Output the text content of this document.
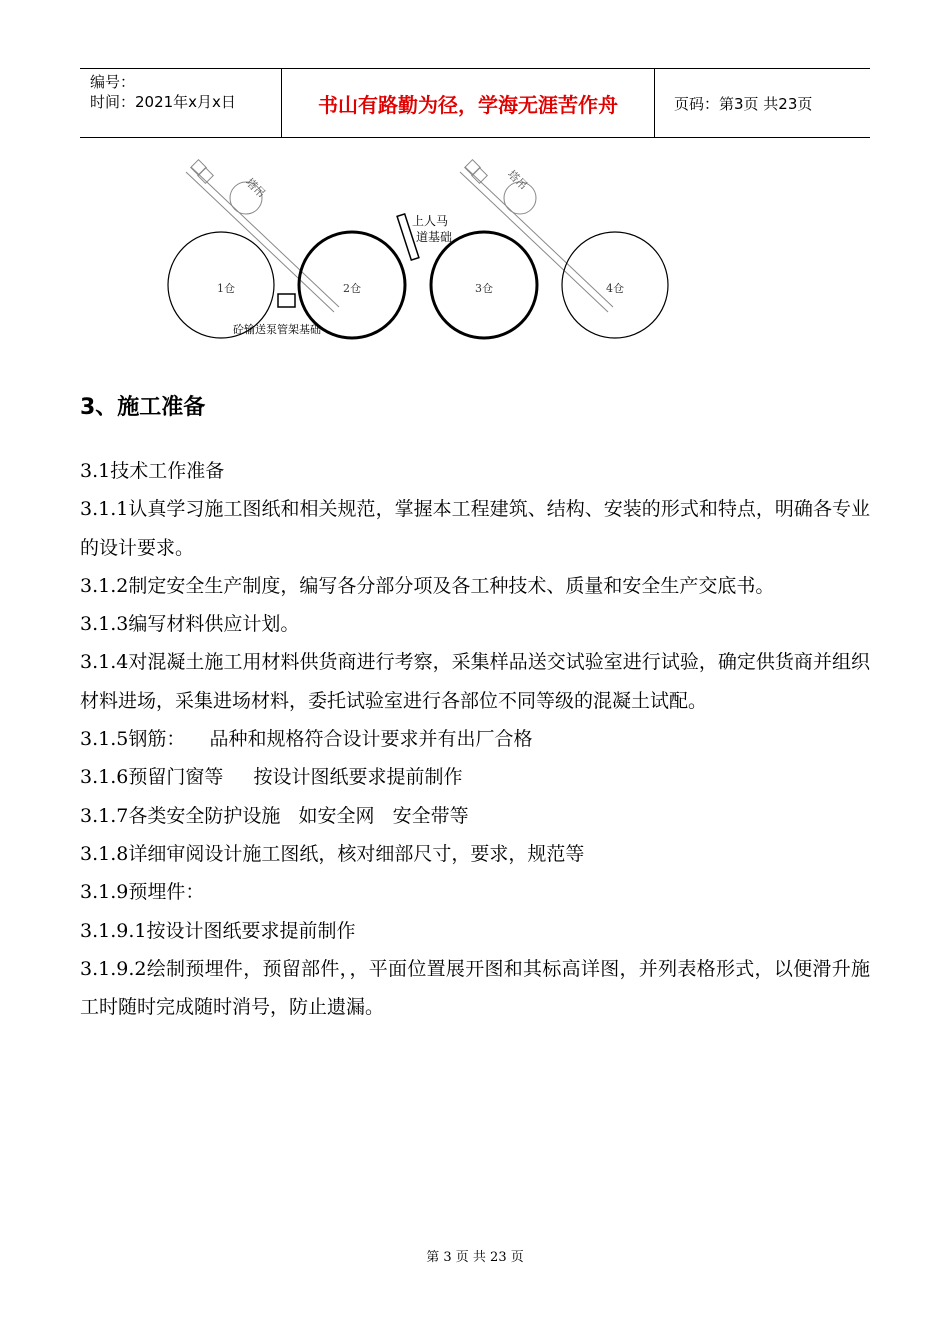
编号：
时间：2021年x月x日	书山有路勤为径，学海无涯苦作舟	页码：第3页 共23页
塔吊	塔吊
1仓	2仓	3仓	4仓
上人马
道基础
砼输送泵管架基础
3、施工准备

3.1技术工作准备

3.1.1认真学习施工图纸和相关规范，掌握本工程建筑、结构、安装的形式和特点，明确各专业的设计要求。

3.1.2制定安全生产制度，编写各分部分项及各工种技术、质量和安全生产交底书。

3.1.3编写材料供应计划。

3.1.4对混凝土施工用材料供货商进行考察，采集样品送交试验室进行试验，确定供货商并组织材料进场，采集进场材料，委托试验室进行各部位不同等级的混凝土试配。

3.1.5钢筋：    品种和规格符合设计要求并有出厂合格

3.1.6预留门窗等     按设计图纸要求提前制作

3.1.7各类安全防护设施   如安全网   安全带等

3.1.8详细审阅设计施工图纸，核对细部尺寸，要求，规范等

3.1.9预埋件：

3.1.9.1按设计图纸要求提前制作

3.1.9.2绘制预埋件，预留部件，，平面位置展开图和其标高详图，并列表格形式，以便滑升施工时随时完成随时消号，防止遗漏。

第 3 页 共 23 页
